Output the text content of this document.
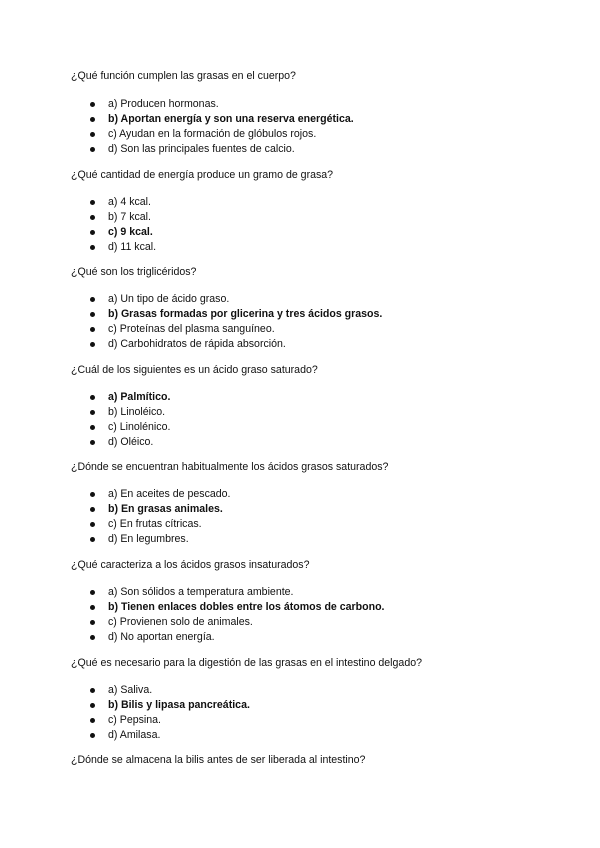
¿Qué función cumplen las grasas en el cuerpo?

a) Producen hormonas.
b) Aportan energía y son una reserva energética.
c) Ayudan en la formación de glóbulos rojos.
d) Son las principales fuentes de calcio.

¿Qué cantidad de energía produce un gramo de grasa?

a) 4 kcal.
b) 7 kcal.
c) 9 kcal.
d) 11 kcal.

¿Qué son los triglicéridos?

a) Un tipo de ácido graso.
b) Grasas formadas por glicerina y tres ácidos grasos.
c) Proteínas del plasma sanguíneo.
d) Carbohidratos de rápida absorción.

¿Cuál de los siguientes es un ácido graso saturado?

a) Palmítico.
b) Linoléico.
c) Linolénico.
d) Oléico.

¿Dónde se encuentran habitualmente los ácidos grasos saturados?

a) En aceites de pescado.
b) En grasas animales.
c) En frutas cítricas.
d) En legumbres.

¿Qué caracteriza a los ácidos grasos insaturados?

a) Son sólidos a temperatura ambiente.
b) Tienen enlaces dobles entre los átomos de carbono.
c) Provienen solo de animales.
d) No aportan energía.

¿Qué es necesario para la digestión de las grasas en el intestino delgado?

a) Saliva.
b) Bilis y lipasa pancreática.
c) Pepsina.
d) Amilasa.

¿Dónde se almacena la bilis antes de ser liberada al intestino?
